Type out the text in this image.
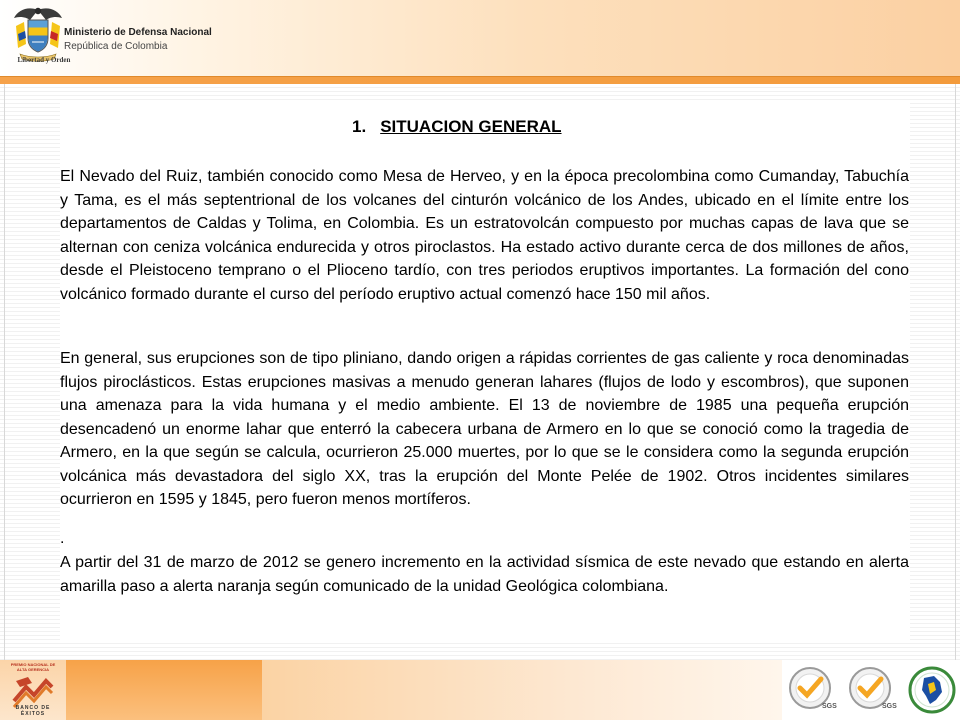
Libertad y Orden
Ministerio de Defensa Nacional
República de Colombia
1. SITUACION GENERAL

El Nevado del Ruiz, también conocido como Mesa de Herveo, y en la época precolombina como Cumanday, Tabuchía y Tama, es el más septentrional de los volcanes del cinturón volcánico de los Andes, ubicado en el límite entre los departamentos de Caldas y Tolima, en Colombia. Es un estratovolcán compuesto por muchas capas de lava que se alternan con ceniza volcánica endurecida y otros piroclastos. Ha estado activo durante cerca de dos millones de años, desde el Pleistoceno temprano o el Plioceno tardío, con tres periodos eruptivos importantes. La formación del cono volcánico formado durante el curso del período eruptivo actual comenzó hace 150 mil años.

En general, sus erupciones son de tipo pliniano, dando origen a rápidas corrientes de gas caliente y roca denominadas flujos piroclásticos. Estas erupciones masivas a menudo generan lahares (flujos de lodo y escombros), que suponen una amenaza para la vida humana y el medio ambiente. El 13 de noviembre de 1985 una pequeña erupción desencadenó un enorme lahar que enterró la cabecera urbana de Armero en lo que se conoció como la tragedia de Armero, en la que según se calcula, ocurrieron 25.000 muertes, por lo que se le considera como la segunda erupción volcánica más devastadora del siglo XX, tras la erupción del Monte Pelée de 1902. Otros incidentes similares ocurrieron en 1595 y 1845, pero fueron menos mortíferos.

.

A partir del 31 de marzo de 2012 se genero incremento en la actividad sísmica de este nevado que estando en alerta amarilla paso a alerta naranja según comunicado de la unidad Geológica colombiana.

PREMIO NACIONAL DE ALTA GERENCIA
BANCO DE ÉXITOS
SGS	SGS
